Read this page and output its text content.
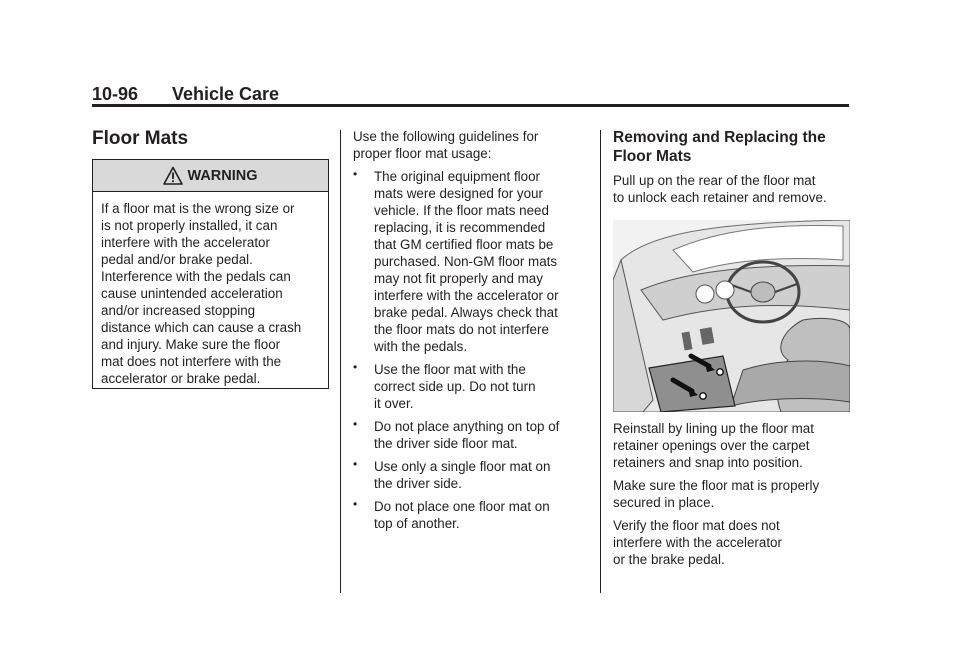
10-96 Vehicle Care
Floor Mats
WARNING
If a floor mat is the wrong size or
is not properly installed, it can
interfere with the accelerator
pedal and/or brake pedal.
Interference with the pedals can
cause unintended acceleration
and/or increased stopping
distance which can cause a crash
and injury. Make sure the floor
mat does not interfere with the
accelerator or brake pedal.
Use the following guidelines for
proper floor mat usage:
• The original equipment floor
mats were designed for your
vehicle. If the floor mats need
replacing, it is recommended
that GM certified floor mats be
purchased. Non-GM floor mats
may not fit properly and may
interfere with the accelerator or
brake pedal. Always check that
the floor mats do not interfere
with the pedals.
• Use the floor mat with the
correct side up. Do not turn
it over.
• Do not place anything on top of
the driver side floor mat.
• Use only a single floor mat on
the driver side.
• Do not place one floor mat on
top of another.
Removing and Replacing the
Floor Mats
Pull up on the rear of the floor mat
to unlock each retainer and remove.
Reinstall by lining up the floor mat
retainer openings over the carpet
retainers and snap into position.
Make sure the floor mat is properly
secured in place.
Verify the floor mat does not
interfere with the accelerator
or the brake pedal.
